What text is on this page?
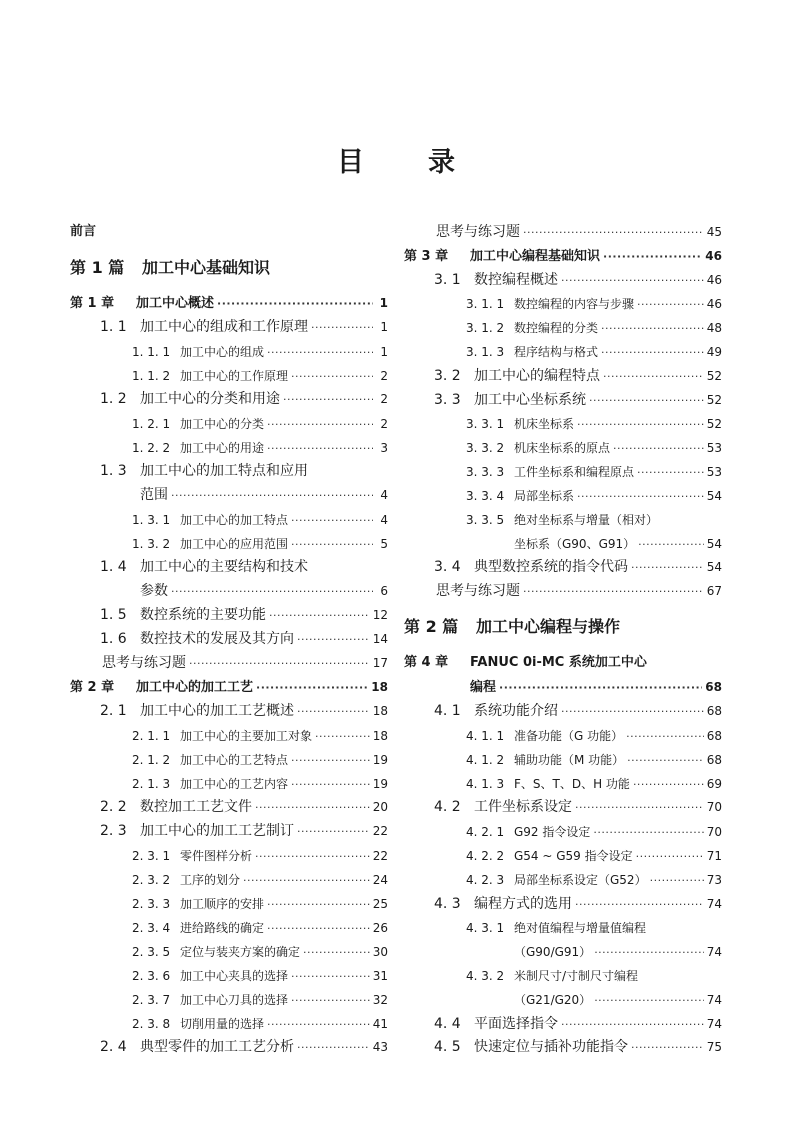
目 录
前言
第 1 篇	加工中心基础知识
第 1 章	加工中心概述 ·····	1
1. 1 加工中心的组成和工作原理 ·····	1
1. 1. 1 加工中心的组成 ·····	1
1. 1. 2 加工中心的工作原理 ·····	2
1. 2 加工中心的分类和用途 ·····	2
1. 2. 1 加工中心的分类 ·····	2
1. 2. 2 加工中心的用途 ·····	3
1. 3 加工中心的加工特点和应用
范围 ·····	4
1. 3. 1 加工中心的加工特点 ·····	4
1. 3. 2 加工中心的应用范围 ·····	5
1. 4 加工中心的主要结构和技术
参数 ·····	6
1. 5 数控系统的主要功能 ·····	12
1. 6 数控技术的发展及其方向 ·····	14
思考与练习题 ·····	17
第 2 章	加工中心的加工工艺 ·····	18
2. 1 加工中心的加工工艺概述 ·····	18
2. 1. 1 加工中心的主要加工对象 ·····	18
2. 1. 2 加工中心的工艺特点 ·····	19
2. 1. 3 加工中心的工艺内容 ·····	19
2. 2 数控加工工艺文件 ·····	20
2. 3 加工中心的加工工艺制订 ·····	22
2. 3. 1 零件图样分析 ·····	22
2. 3. 2 工序的划分 ·····	24
2. 3. 3 加工顺序的安排 ·····	25
2. 3. 4 进给路线的确定 ·····	26
2. 3. 5 定位与装夹方案的确定 ·····	30
2. 3. 6 加工中心夹具的选择 ·····	31
2. 3. 7 加工中心刀具的选择 ·····	32
2. 3. 8 切削用量的选择 ·····	41
2. 4 典型零件的加工工艺分析 ·····	43
思考与练习题 ·····	45
第 3 章	加工中心编程基础知识 ·····	46
3. 1 数控编程概述 ·····	46
3. 1. 1 数控编程的内容与步骤 ·····	46
3. 1. 2 数控编程的分类 ·····	48
3. 1. 3 程序结构与格式 ·····	49
3. 2 加工中心的编程特点 ·····	52
3. 3 加工中心坐标系统 ·····	52
3. 3. 1 机床坐标系 ·····	52
3. 3. 2 机床坐标系的原点 ·····	53
3. 3. 3 工件坐标系和编程原点 ·····	53
3. 3. 4 局部坐标系 ·····	54
3. 3. 5 绝对坐标系与增量（相对）
坐标系（G90、G91） ·····	54
3. 4 典型数控系统的指令代码 ·····	54
思考与练习题 ·····	67
第 2 篇	加工中心编程与操作
第 4 章	FANUC 0i-MC 系统加工中心
编程 ·····	68
4. 1 系统功能介绍 ·····	68
4. 1. 1 准备功能（G 功能） ·····	68
4. 1. 2 辅助功能（M 功能） ·····	68
4. 1. 3 F、S、T、D、H 功能 ·····	69
4. 2 工件坐标系设定 ·····	70
4. 2. 1 G92 指令设定 ·····	70
4. 2. 2 G54 ~ G59 指令设定 ·····	71
4. 2. 3 局部坐标系设定（G52） ·····	73
4. 3 编程方式的选用 ·····	74
4. 3. 1 绝对值编程与增量值编程
（G90/G91） ·····	74
4. 3. 2 米制尺寸/寸制尺寸编程
（G21/G20） ·····	74
4. 4 平面选择指令 ·····	74
4. 5 快速定位与插补功能指令 ·····	75
